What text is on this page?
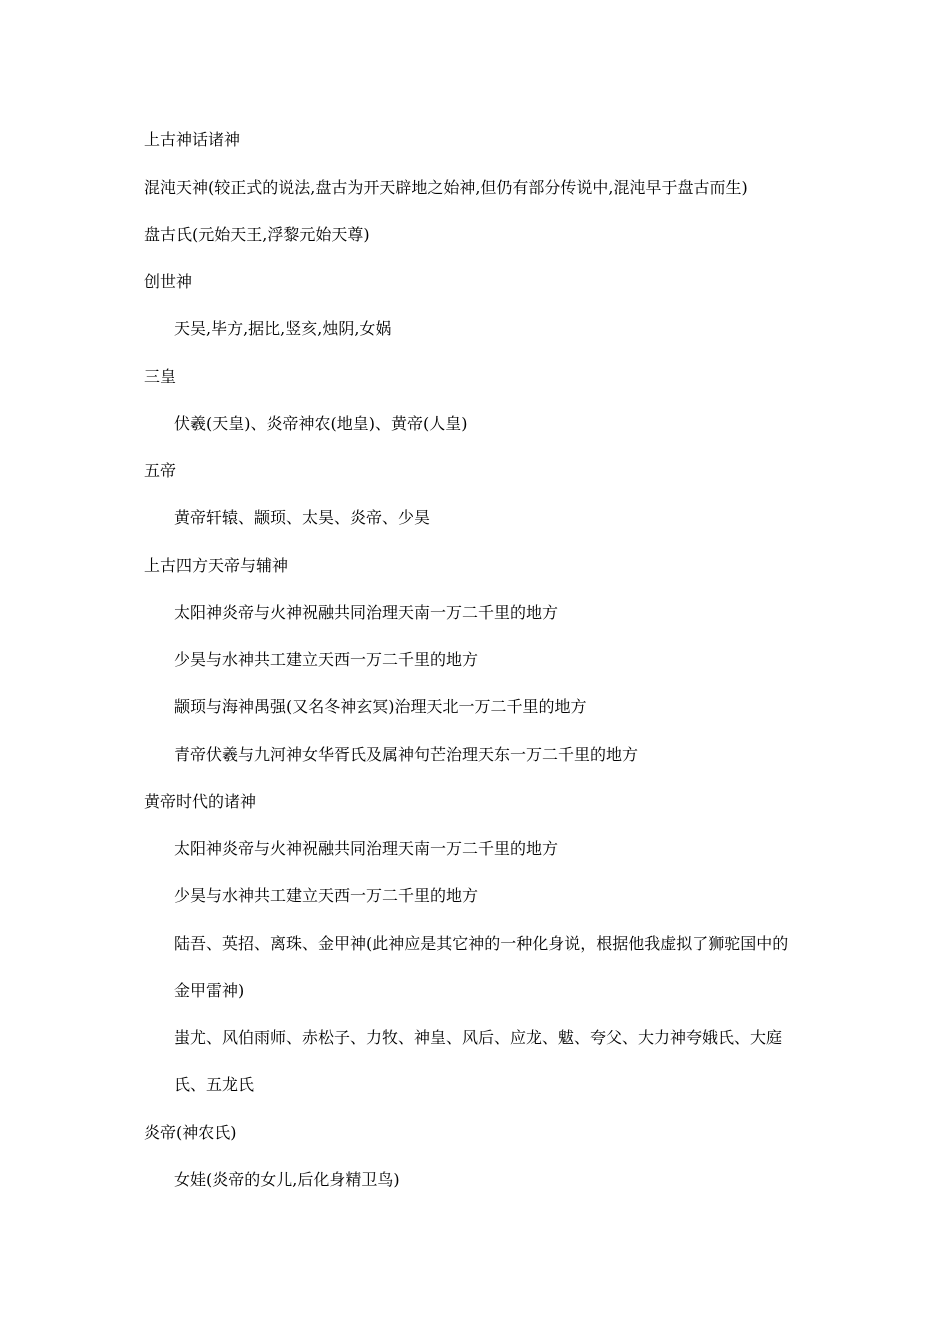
上古神话诸神
混沌天神(较正式的说法,盘古为开天辟地之始神,但仍有部分传说中,混沌早于盘古而生)
盘古氏(元始天王,浮黎元始天尊)
创世神
天吴,毕方,据比,竖亥,烛阴,女娲
三皇
伏羲(天皇)、炎帝神农(地皇)、黄帝(人皇)
五帝
黄帝轩辕、颛顼、太昊、炎帝、少昊
上古四方天帝与辅神
太阳神炎帝与火神祝融共同治理天南一万二千里的地方
少昊与水神共工建立天西一万二千里的地方
颛顼与海神禺强(又名冬神玄冥)治理天北一万二千里的地方
青帝伏羲与九河神女华胥氏及属神句芒治理天东一万二千里的地方
黄帝时代的诸神
太阳神炎帝与火神祝融共同治理天南一万二千里的地方
少昊与水神共工建立天西一万二千里的地方
陆吾、英招、离珠、金甲神(此神应是其它神的一种化身说，根据他我虚拟了狮驼国中的
金甲雷神)
蚩尤、风伯雨师、赤松子、力牧、神皇、风后、应龙、魃、夸父、大力神夸娥氏、大庭
氏、五龙氏
炎帝(神农氏)
女娃(炎帝的女儿,后化身精卫鸟)
